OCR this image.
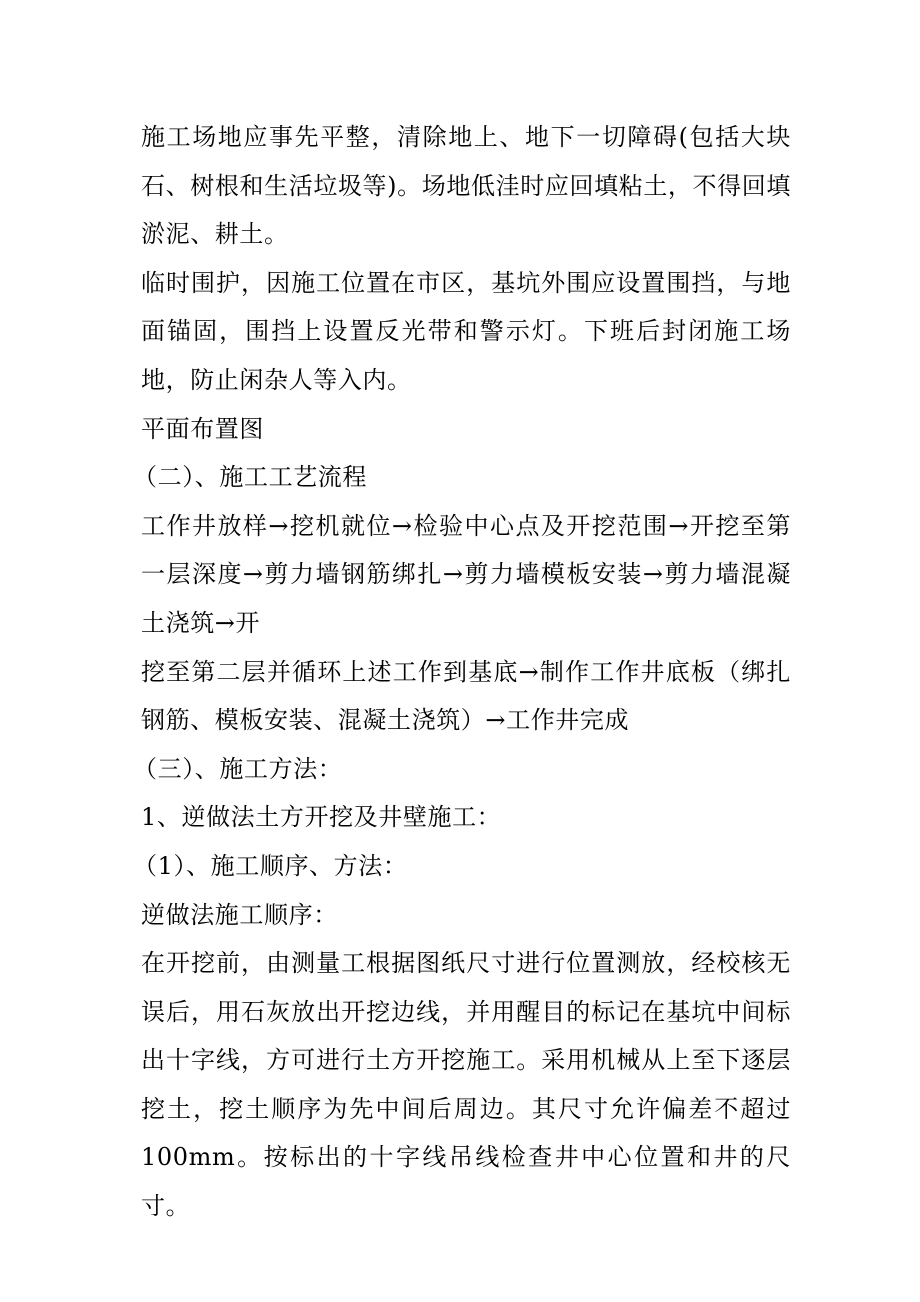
施工场地应事先平整，清除地上、地下一切障碍(包括大块石、树根和生活垃圾等)。场地低洼时应回填粘土，不得回填淤泥、耕土。

临时围护，因施工位置在市区，基坑外围应设置围挡，与地面锚固，围挡上设置反光带和警示灯。下班后封闭施工场地，防止闲杂人等入内。

平面布置图

（二）、施工工艺流程

工作井放样→挖机就位→检验中心点及开挖范围→开挖至第一层深度→剪力墙钢筋绑扎→剪力墙模板安装→剪力墙混凝土浇筑→开

挖至第二层并循环上述工作到基底→制作工作井底板（绑扎钢筋、模板安装、混凝土浇筑）→工作井完成

（三）、施工方法：

1、逆做法土方开挖及井壁施工：

（1）、施工顺序、方法：

逆做法施工顺序：

在开挖前，由测量工根据图纸尺寸进行位置测放，经校核无误后，用石灰放出开挖边线，并用醒目的标记在基坑中间标出十字线，方可进行土方开挖施工。采用机械从上至下逐层挖土，挖土顺序为先中间后周边。其尺寸允许偏差不超过100mm。按标出的十字线吊线检查井中心位置和井的尺寸。
